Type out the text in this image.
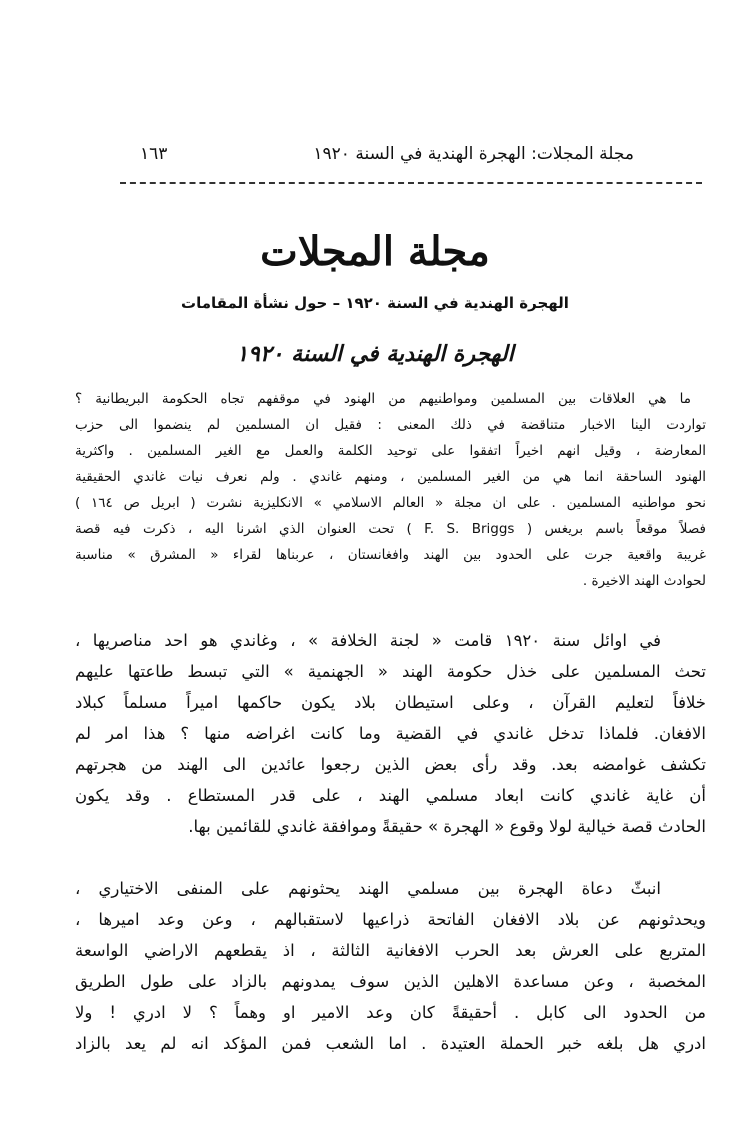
مجلة المجلات: الهجرة الهندية في السنة ١٩٢٠
١٦٣
مجلة المجلات
الهجرة الهندية في السنة ١٩٢٠ – حول نشأة المقامات
الهجرة الهندية في السنة ١٩٢٠
ما هي العلاقات بين المسلمين ومواطنيهم من الهنود في موقفهم تجاه الحكومة البريطانية ؟
تواردت الينا الاخبار متناقضة في ذلك المعنى : فقيل ان المسلمين لم ينضموا الى حزب
المعارضة ، وقيل انهم اخيراً اتفقوا على توحيد الكلمة والعمل مع الغير المسلمين . واكثرية
الهنود الساحقة انما هي من الغير المسلمين ، ومنهم غاندي . ولم نعرف نيات غاندي الحقيقية
نحو مواطنيه المسلمين . على ان مجلة « العالم الاسلامي » الانكليزية نشرت ( ابريل ص ١٦٤ )
فصلاً موقعاً باسم بريغس ( F. S. Briggs ) تحت العنوان الذي اشرنا اليه ، ذكرت فيه قصة
غريبة واقعية جرت على الحدود بين الهند وافغانستان ، عربناها لقراء « المشرق » مناسبة
لحوادث الهند الاخيرة .
في اوائل سنة ١٩٢٠ قامت « لجنة الخلافة » ، وغاندي هو احد مناصريها ،
تحث المسلمين على خذل حكومة الهند « الجهنمية » التي تبسط طاعتها عليهم
خلافاً لتعليم القرآن ، وعلى استيطان بلاد يكون حاكمها اميراً مسلماً كبلاد
الافغان. فلماذا تدخل غاندي في القضية وما كانت اغراضه منها ؟ هذا امر لم
تكشف غوامضه بعد. وقد رأى بعض الذين رجعوا عائدين الى الهند من هجرتهم
أن غاية غاندي كانت ابعاد مسلمي الهند ، على قدر المستطاع . وقد يكون
الحادث قصة خيالية لولا وقوع « الهجرة » حقيقةً وموافقة غاندي للقائمين بها.
انبثّ دعاة الهجرة بين مسلمي الهند يحثونهم على المنفى الاختياري ،
ويحدثونهم عن بلاد الافغان الفاتحة ذراعيها لاستقبالهم ، وعن وعد اميرها ،
المتربع على العرش بعد الحرب الافغانية الثالثة ، اذ يقطعهم الاراضي الواسعة
المخصبة ، وعن مساعدة الاهلين الذين سوف يمدونهم بالزاد على طول الطريق
من الحدود الى كابل . أحقيقةً كان وعد الامير او وهماً ؟ لا ادري ! ولا
ادري هل بلغه خبر الحملة العتيدة . اما الشعب فمن المؤكد انه لم يعد بالزاد
